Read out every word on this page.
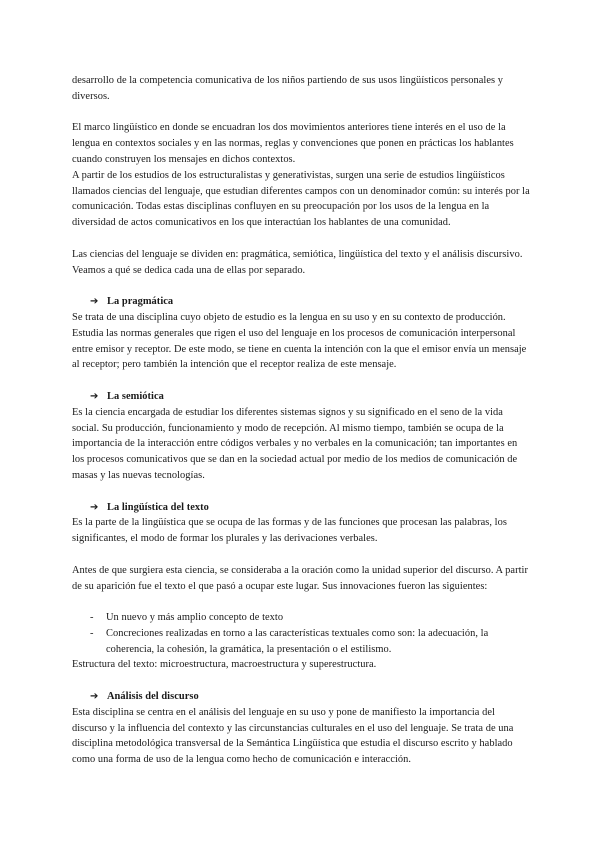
desarrollo de la competencia comunicativa de los niños partiendo de sus usos lingüísticos personales y diversos.

El marco lingüístico en donde se encuadran los dos movimientos anteriores tiene interés en el uso de la lengua en contextos sociales y en las normas, reglas y convenciones que ponen en prácticas los hablantes cuando construyen los mensajes en dichos contextos.

A partir de los estudios de los estructuralistas y generativistas, surgen una serie de estudios lingüísticos llamados ciencias del lenguaje, que estudian diferentes campos con un denominador común: su interés por la comunicación. Todas estas disciplinas confluyen en su preocupación por los usos de la lengua en la diversidad de actos comunicativos en los que interactúan los hablantes de una comunidad.

Las ciencias del lenguaje se dividen en: pragmática, semiótica, lingüística del texto y el análisis discursivo. Veamos a qué se dedica cada una de ellas por separado.

➔ La pragmática

Se trata de una disciplina cuyo objeto de estudio es la lengua en su uso y en su contexto de producción. Estudia las normas generales que rigen el uso del lenguaje en los procesos de comunicación interpersonal entre emisor y receptor. De este modo, se tiene en cuenta la intención con la que el emisor envía un mensaje al receptor; pero también la intención que el receptor realiza de este mensaje.

➔ La semiótica

Es la ciencia encargada de estudiar los diferentes sistemas signos y su significado en el seno de la vida social. Su producción, funcionamiento y modo de recepción. Al mismo tiempo, también se ocupa de la importancia de la interacción entre códigos verbales y no verbales en la comunicación; tan importantes en los procesos comunicativos que se dan en la sociedad actual por medio de los medios de comunicación de masas y las nuevas tecnologías.

➔ La lingüística del texto

Es la parte de la lingüística que se ocupa de las formas y de las funciones que procesan las palabras, los significantes, el modo de formar los plurales y las derivaciones verbales.

Antes de que surgiera esta ciencia, se consideraba a la oración como la unidad superior del discurso. A partir de su aparición fue el texto el que pasó a ocupar este lugar. Sus innovaciones fueron las siguientes:

- Un nuevo y más amplio concepto de texto
- Concreciones realizadas en torno a las características textuales como son: la adecuación, la coherencia, la cohesión, la gramática, la presentación o el estilismo.

Estructura del texto: microestructura, macroestructura y superestructura.

➔ Análisis del discurso

Esta disciplina se centra en el análisis del lenguaje en su uso y pone de manifiesto la importancia del discurso y la influencia del contexto y las circunstancias culturales en el uso del lenguaje. Se trata de una disciplina metodológica transversal de la Semántica Lingüística que estudia el discurso escrito y hablado como una forma de uso de la lengua como hecho de comunicación e interacción.
